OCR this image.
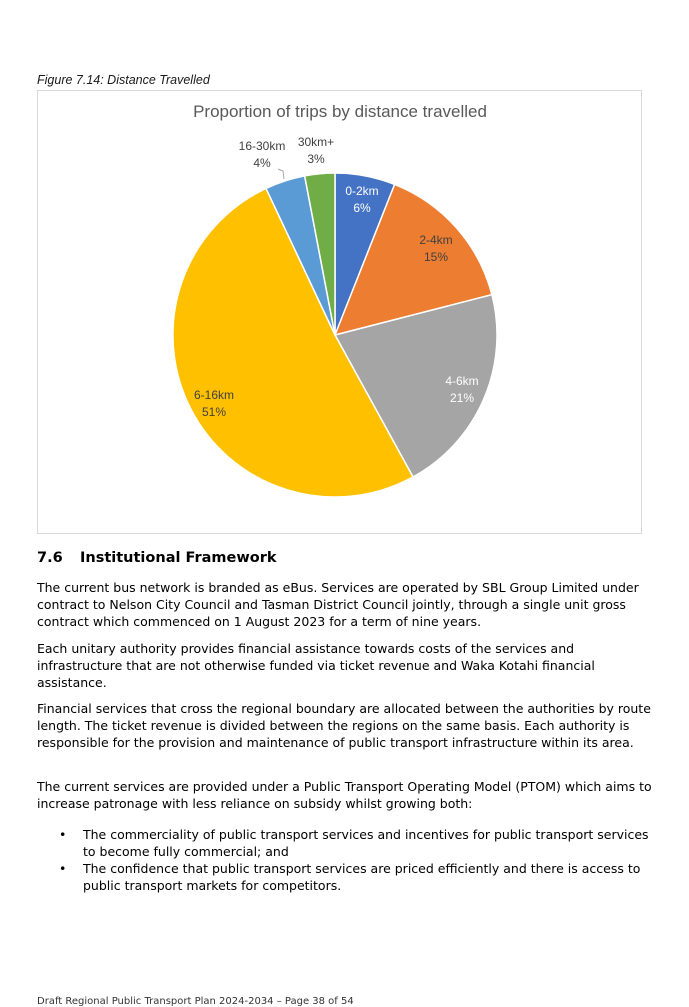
Figure 7.14: Distance Travelled
Proportion of trips by distance travelled
0-2km 6%
2-4km 15%
4-6km 21%
6-16km 51%
16-30km 4%
30km+ 3%
7.6 Institutional Framework

The current bus network is branded as eBus. Services are operated by SBL Group Limited under contract to Nelson City Council and Tasman District Council jointly, through a single unit gross contract which commenced on 1 August 2023 for a term of nine years.

Each unitary authority provides financial assistance towards costs of the services and infrastructure that are not otherwise funded via ticket revenue and Waka Kotahi financial assistance.

Financial services that cross the regional boundary are allocated between the authorities by route length. The ticket revenue is divided between the regions on the same basis. Each authority is responsible for the provision and maintenance of public transport infrastructure within its area.

The current services are provided under a Public Transport Operating Model (PTOM) which aims to increase patronage with less reliance on subsidy whilst growing both:

• The commerciality of public transport services and incentives for public transport services to become fully commercial; and
• The confidence that public transport services are priced efficiently and there is access to public transport markets for competitors.
Draft Regional Public Transport Plan 2024-2034 – Page 38 of 54
